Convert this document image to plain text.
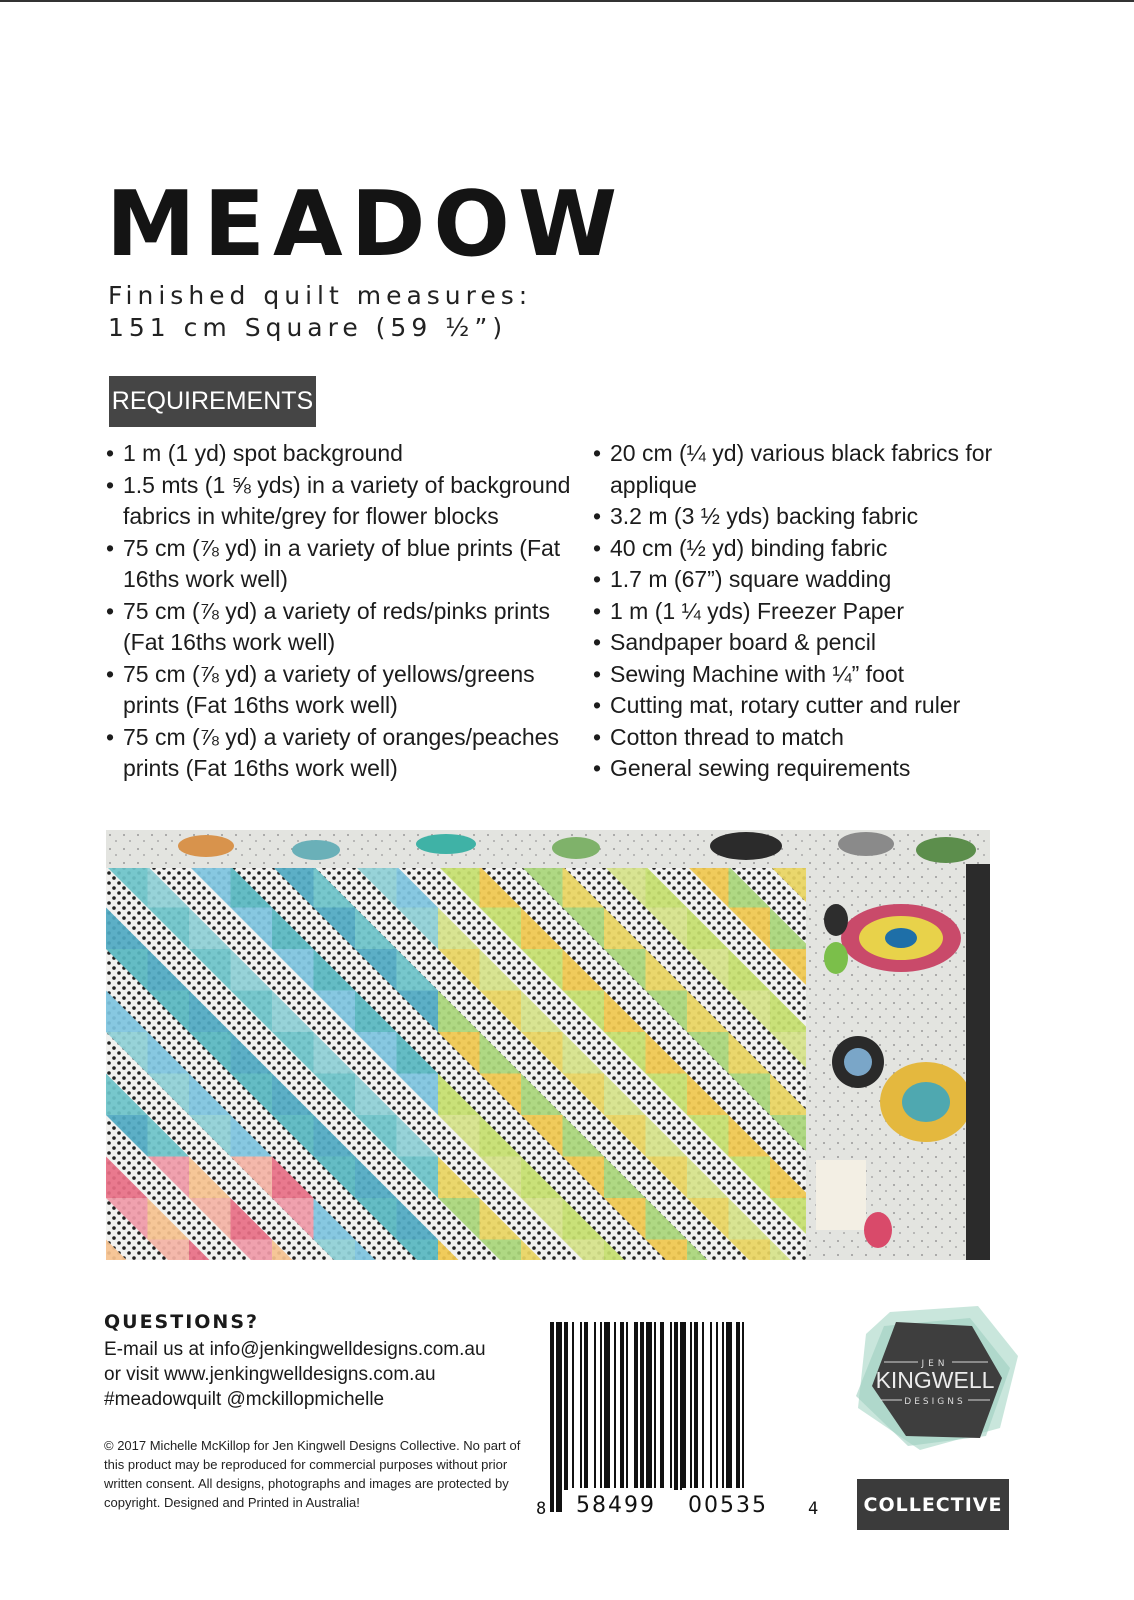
MEADOW
Finished quilt measures:
151 cm Square (59 ½”)
REQUIREMENTS
• 1 m (1 yd) spot background
• 1.5 mts (1 ⅝ yds) in a variety of background fabrics in white/grey for flower blocks
• 75 cm (⅞ yd) in a variety of blue prints (Fat 16ths work well)
• 75 cm (⅞ yd) a variety of reds/pinks prints (Fat 16ths work well)
• 75 cm (⅞ yd) a variety of yellows/greens prints (Fat 16ths work well)
• 75 cm (⅞ yd) a variety of oranges/peaches prints (Fat 16ths work well)
• 20 cm (¼ yd) various black fabrics for applique
• 3.2 m (3 ½ yds) backing fabric
• 40 cm (½ yd) binding fabric
• 1.7 m (67”) square wadding
• 1 m (1 ¼ yds) Freezer Paper
• Sandpaper board & pencil
• Sewing Machine with ¼” foot
• Cutting mat, rotary cutter and ruler
• Cotton thread to match
• General sewing requirements
QUESTIONS?
E-mail us at info@jenkingwelldesigns.com.au
or visit www.jenkingwelldesigns.com.au
#meadowquilt @mckillopmichelle
© 2017 Michelle McKillop for Jen Kingwell Designs Collective. No part of this product may be reproduced for commercial purposes without prior written consent. All designs, photographs and images are protected by copyright. Designed and Printed in Australia!	8 58499 00535 4
JEN
KINGWELL
DESIGNS
COLLECTIVE
